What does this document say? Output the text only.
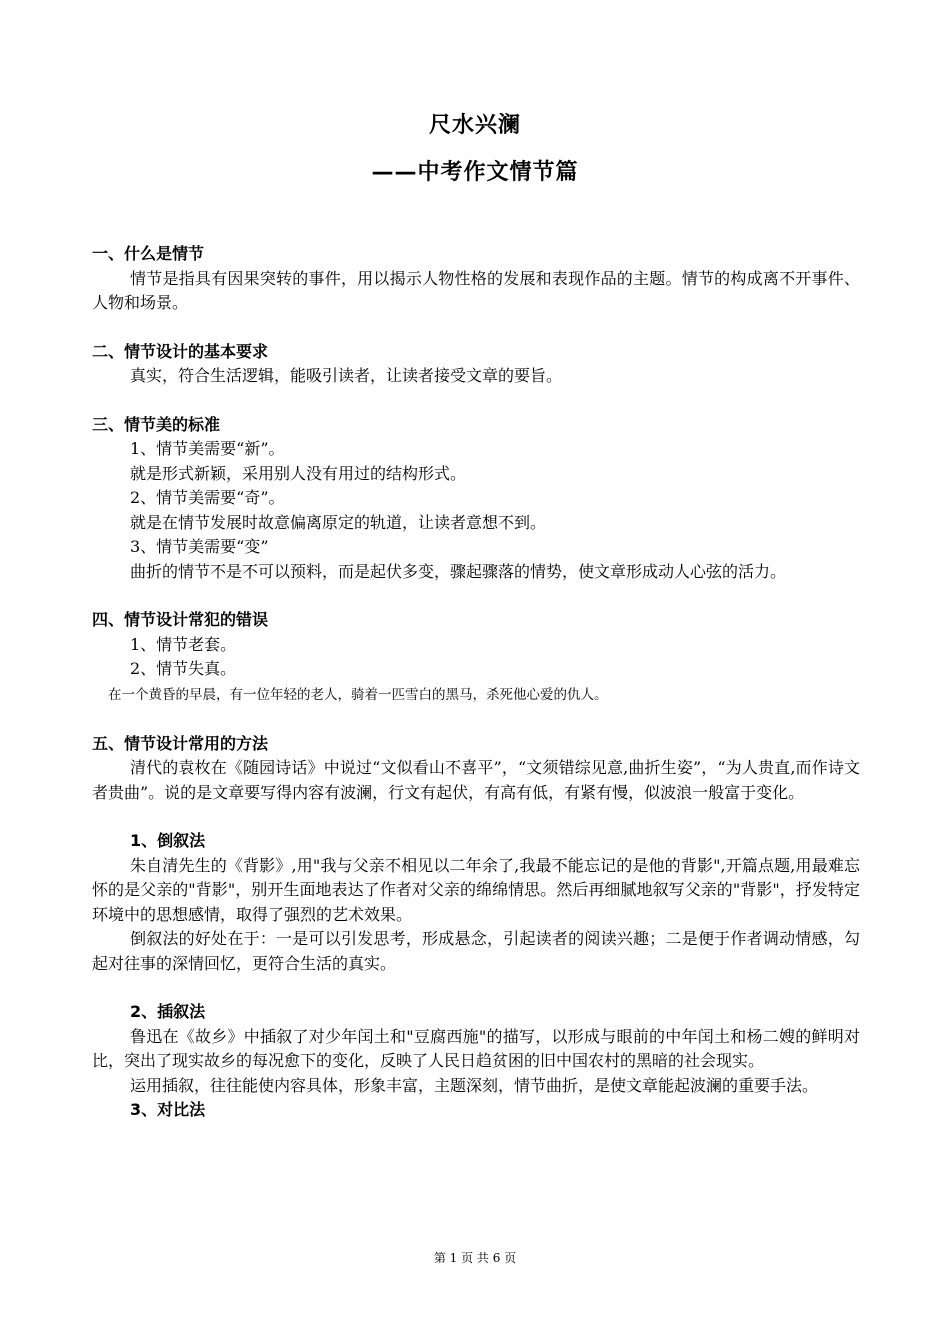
尺水兴澜
——中考作文情节篇

一、什么是情节

情节是指具有因果突转的事件，用以揭示人物性格的发展和表现作品的主题。情节的构成离不开事件、人物和场景。

二、情节设计的基本要求

真实，符合生活逻辑，能吸引读者，让读者接受文章的要旨。

三、情节美的标准

1、情节美需要“新”。

就是形式新颖，采用别人没有用过的结构形式。

2、情节美需要“奇”。

就是在情节发展时故意偏离原定的轨道，让读者意想不到。

3、情节美需要“变”

曲折的情节不是不可以预料，而是起伏多变，骤起骤落的情势，使文章形成动人心弦的活力。

四、情节设计常犯的错误

1、情节老套。

2、情节失真。

在一个黄昏的早晨，有一位年轻的老人，骑着一匹雪白的黑马，杀死他心爱的仇人。

五、情节设计常用的方法

清代的袁枚在《随园诗话》中说过“文似看山不喜平”，“文须错综见意,曲折生姿”，“为人贵直,而作诗文者贵曲”。说的是文章要写得内容有波澜，行文有起伏，有高有低，有紧有慢，似波浪一般富于变化。

1、倒叙法

朱自清先生的《背影》,用"我与父亲不相见以二年余了,我最不能忘记的是他的背影",开篇点题,用最难忘怀的是父亲的"背影"，别开生面地表达了作者对父亲的绵绵情思。然后再细腻地叙写父亲的"背影"，抒发特定环境中的思想感情，取得了强烈的艺术效果。

倒叙法的好处在于：一是可以引发思考，形成悬念，引起读者的阅读兴趣；二是便于作者调动情感，勾起对往事的深情回忆，更符合生活的真实。

2、插叙法

鲁迅在《故乡》中插叙了对少年闰土和"豆腐西施"的描写，以形成与眼前的中年闰土和杨二嫂的鲜明对比，突出了现实故乡的每况愈下的变化，反映了人民日趋贫困的旧中国农村的黑暗的社会现实。

运用插叙，往往能使内容具体，形象丰富，主题深刻，情节曲折，是使文章能起波澜的重要手法。

3、对比法

第 1 页 共 6 页
